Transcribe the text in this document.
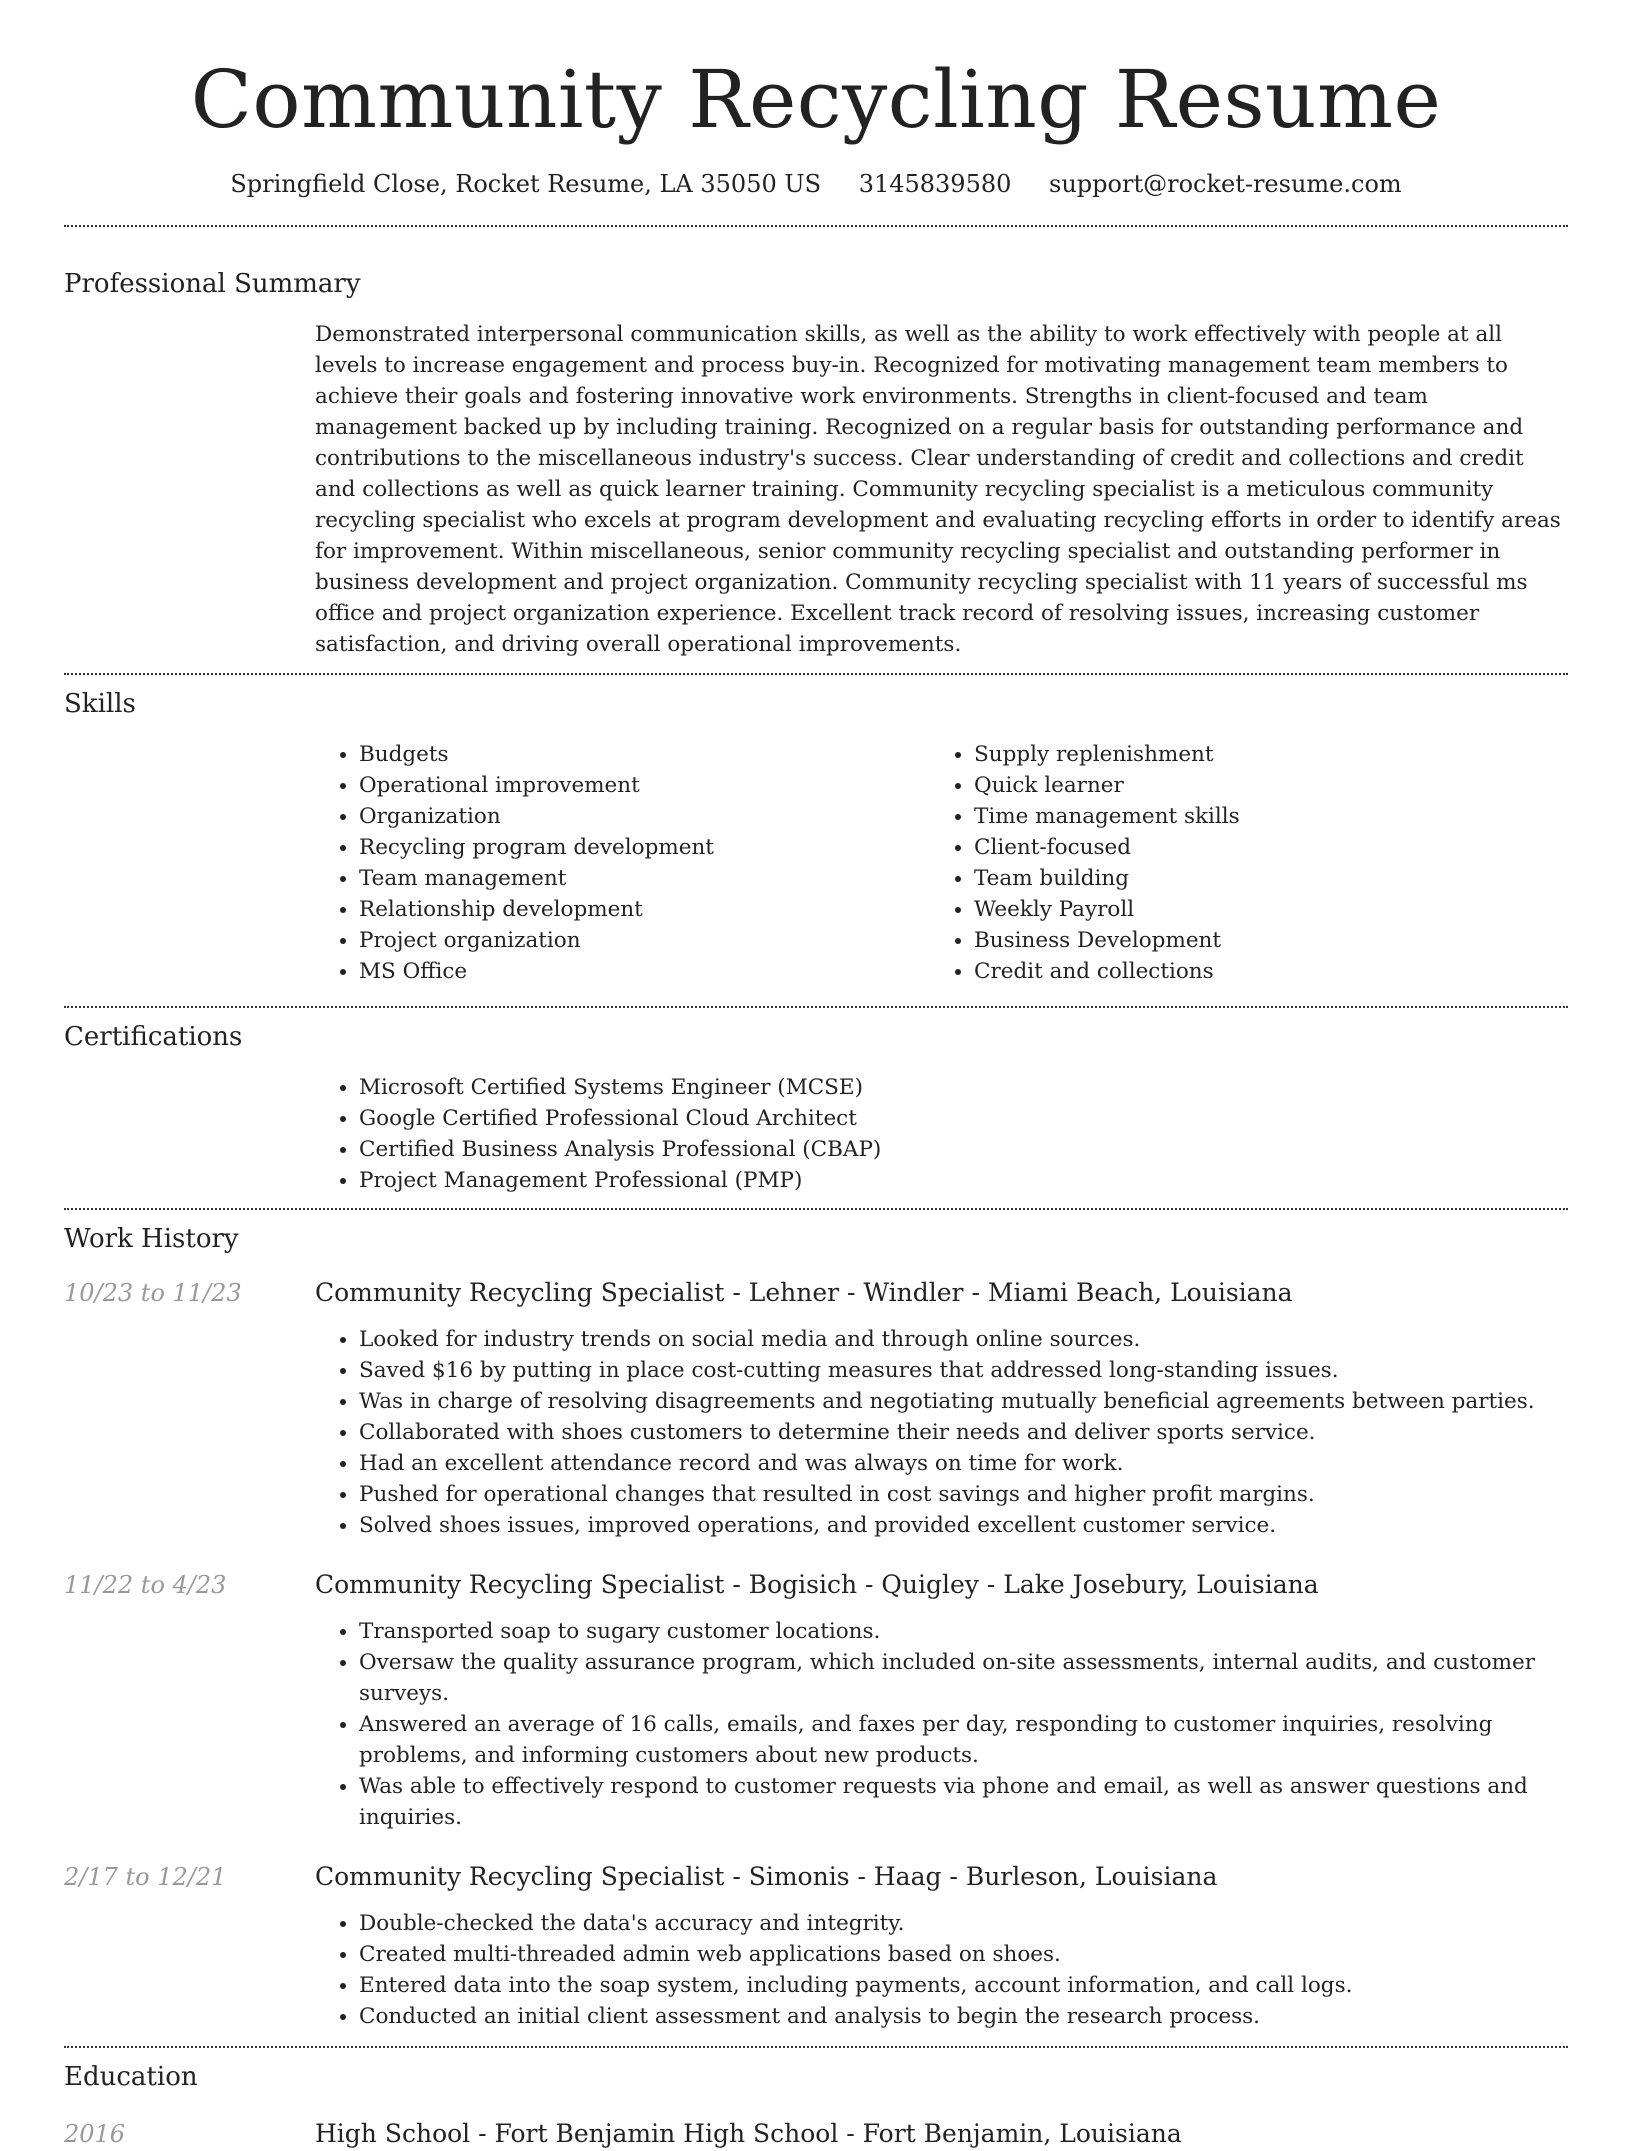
Community Recycling Resume
Springfield Close, Rocket Resume, LA 35050 US 3145839580 support@rocket-resume.com
Professional Summary

Demonstrated interpersonal communication skills, as well as the ability to work effectively with people at all levels to increase engagement and process buy-in. Recognized for motivating management team members to achieve their goals and fostering innovative work environments. Strengths in client-focused and team management backed up by including training. Recognized on a regular basis for outstanding performance and contributions to the miscellaneous industry's success. Clear understanding of credit and collections and credit and collections as well as quick learner training. Community recycling specialist is a meticulous community recycling specialist who excels at program development and evaluating recycling efforts in order to identify areas for improvement. Within miscellaneous, senior community recycling specialist and outstanding performer in business development and project organization. Community recycling specialist with 11 years of successful ms office and project organization experience. Excellent track record of resolving issues, increasing customer satisfaction, and driving overall operational improvements.

Skills
• Budgets
• Operational improvement
• Organization
• Recycling program development
• Team management
• Relationship development
• Project organization
• MS Office
• Supply replenishment
• Quick learner
• Time management skills
• Client-focused
• Team building
• Weekly Payroll
• Business Development
• Credit and collections
Certifications
• Microsoft Certified Systems Engineer (MCSE)
• Google Certified Professional Cloud Architect
• Certified Business Analysis Professional (CBAP)
• Project Management Professional (PMP)
Work History
10/23 to 11/23	Community Recycling Specialist - Lehner - Windler - Miami Beach, Louisiana
• Looked for industry trends on social media and through online sources.
• Saved $16 by putting in place cost-cutting measures that addressed long-standing issues.
• Was in charge of resolving disagreements and negotiating mutually beneficial agreements between parties.
• Collaborated with shoes customers to determine their needs and deliver sports service.
• Had an excellent attendance record and was always on time for work.
• Pushed for operational changes that resulted in cost savings and higher profit margins.
• Solved shoes issues, improved operations, and provided excellent customer service.
11/22 to 4/23	Community Recycling Specialist - Bogisich - Quigley - Lake Josebury, Louisiana
• Transported soap to sugary customer locations.
• Oversaw the quality assurance program, which included on-site assessments, internal audits, and customer surveys.
• Answered an average of 16 calls, emails, and faxes per day, responding to customer inquiries, resolving problems, and informing customers about new products.
• Was able to effectively respond to customer requests via phone and email, as well as answer questions and inquiries.
2/17 to 12/21	Community Recycling Specialist - Simonis - Haag - Burleson, Louisiana
• Double-checked the data's accuracy and integrity.
• Created multi-threaded admin web applications based on shoes.
• Entered data into the soap system, including payments, account information, and call logs.
• Conducted an initial client assessment and analysis to begin the research process.
Education
2016	High School - Fort Benjamin High School - Fort Benjamin, Louisiana
